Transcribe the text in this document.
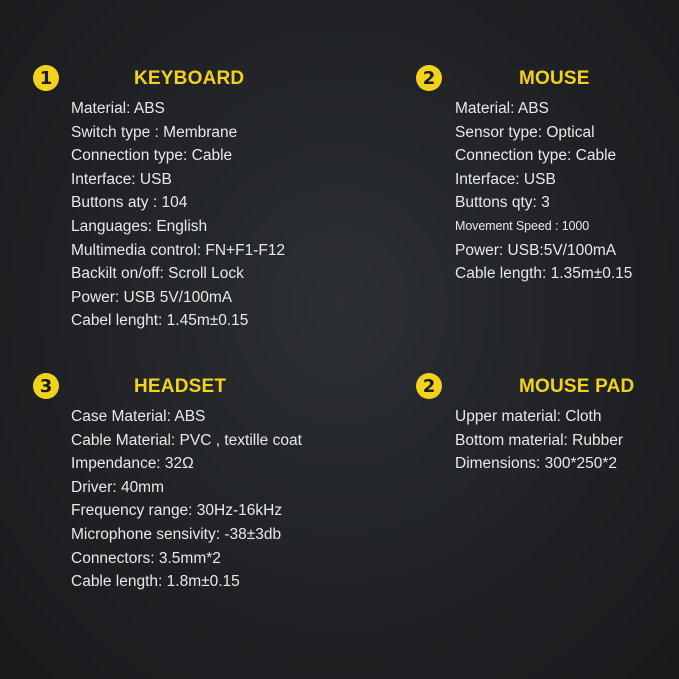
1	KEYBOARD
Material: ABS
Switch type : Membrane
Connection type: Cable
Interface: USB
Buttons aty : 104
Languages: English
Multimedia control: FN+F1-F12
Backilt on/off: Scroll Lock
Power: USB 5V/100mA
Cabel lenght: 1.45m±0.15
2	MOUSE
Material: ABS
Sensor type: Optical
Connection type: Cable
Interface: USB
Buttons qty: 3
Movement Speed : 1000
Power: USB:5V/100mA
Cable length: 1.35m±0.15
3	HEADSET
Case Material: ABS
Cable Material: PVC , textille coat
Impendance: 32Ω
Driver: 40mm
Frequency range: 30Hz-16kHz
Microphone sensivity: -38±3db
Connectors: 3.5mm*2
Cable length: 1.8m±0.15
2	MOUSE PAD
Upper material: Cloth
Bottom material: Rubber
Dimensions: 300*250*2
